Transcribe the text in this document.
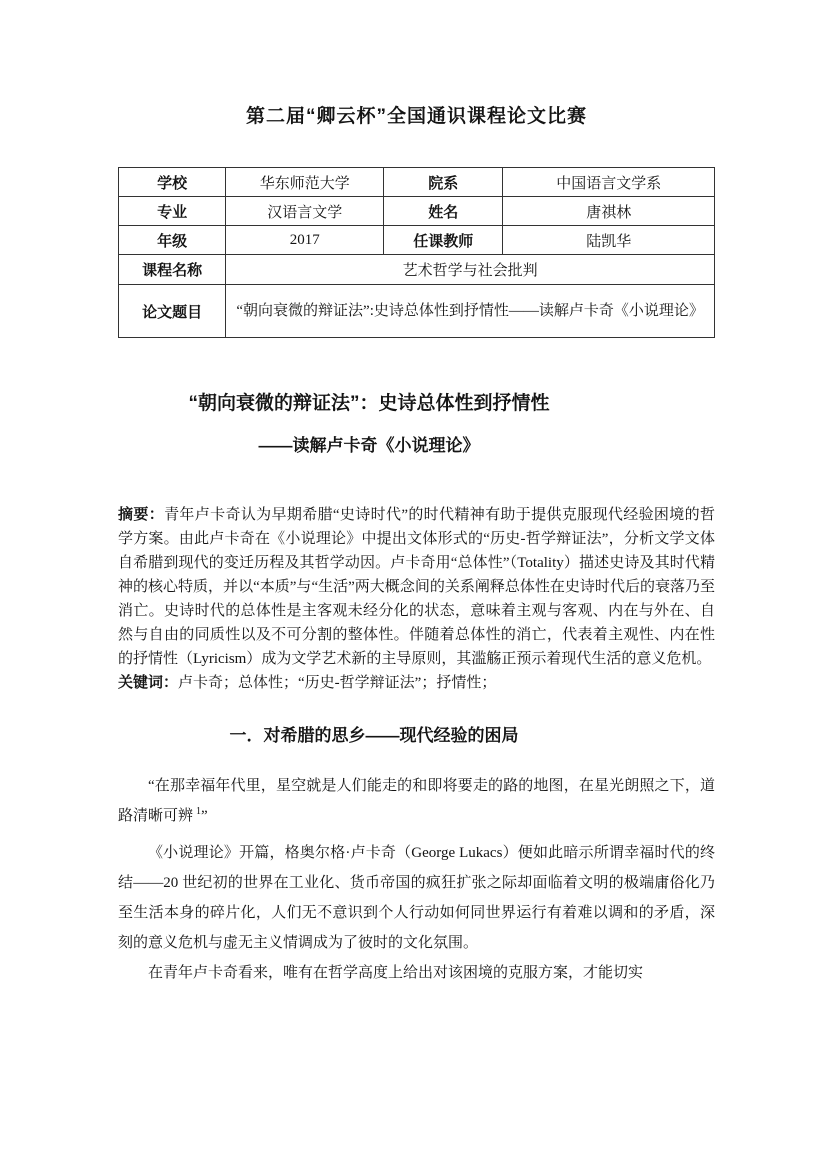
第二届“卿云杯”全国通识课程论文比赛
学校	华东师范大学	院系	中国语言文学系
专业	汉语言文学	姓名	唐祺林
年级	2017	任课教师	陆凯华
课程名称	艺术哲学与社会批判		
论文题目	“朝向衰微的辩证法”:史诗总体性到抒情性——读解卢卡奇《小说理论》		
“朝向衰微的辩证法”：史诗总体性到抒情性
——读解卢卡奇《小说理论》

摘要：青年卢卡奇认为早期希腊“史诗时代”的时代精神有助于提供克服现代经验困境的哲学方案。由此卢卡奇在《小说理论》中提出文体形式的“历史-哲学辩证法”，分析文学文体自希腊到现代的变迁历程及其哲学动因。卢卡奇用“总体性”（Totality）描述史诗及其时代精神的核心特质，并以“本质”与“生活”两大概念间的关系阐释总体性在史诗时代后的衰落乃至消亡。史诗时代的总体性是主客观未经分化的状态，意味着主观与客观、内在与外在、自然与自由的同质性以及不可分割的整体性。伴随着总体性的消亡，代表着主观性、内在性的抒情性（Lyricism）成为文学艺术新的主导原则，其滥觞正预示着现代生活的意义危机。

关键词：卢卡奇；总体性；“历史-哲学辩证法”；抒情性；

一．对希腊的思乡——现代经验的困局

“在那幸福年代里，星空就是人们能走的和即将要走的路的地图，在星光朗照之下，道路清晰可辨 $^1$”

《小说理论》开篇，格奥尔格·卢卡奇（George Lukacs）便如此暗示所谓幸福时代的终结——20 世纪初的世界在工业化、货币帝国的疯狂扩张之际却面临着文明的极端庸俗化乃至生活本身的碎片化，人们无不意识到个人行动如何同世界运行有着难以调和的矛盾，深刻的意义危机与虚无主义情调成为了彼时的文化氛围。

在青年卢卡奇看来，唯有在哲学高度上给出对该困境的克服方案，才能切实
